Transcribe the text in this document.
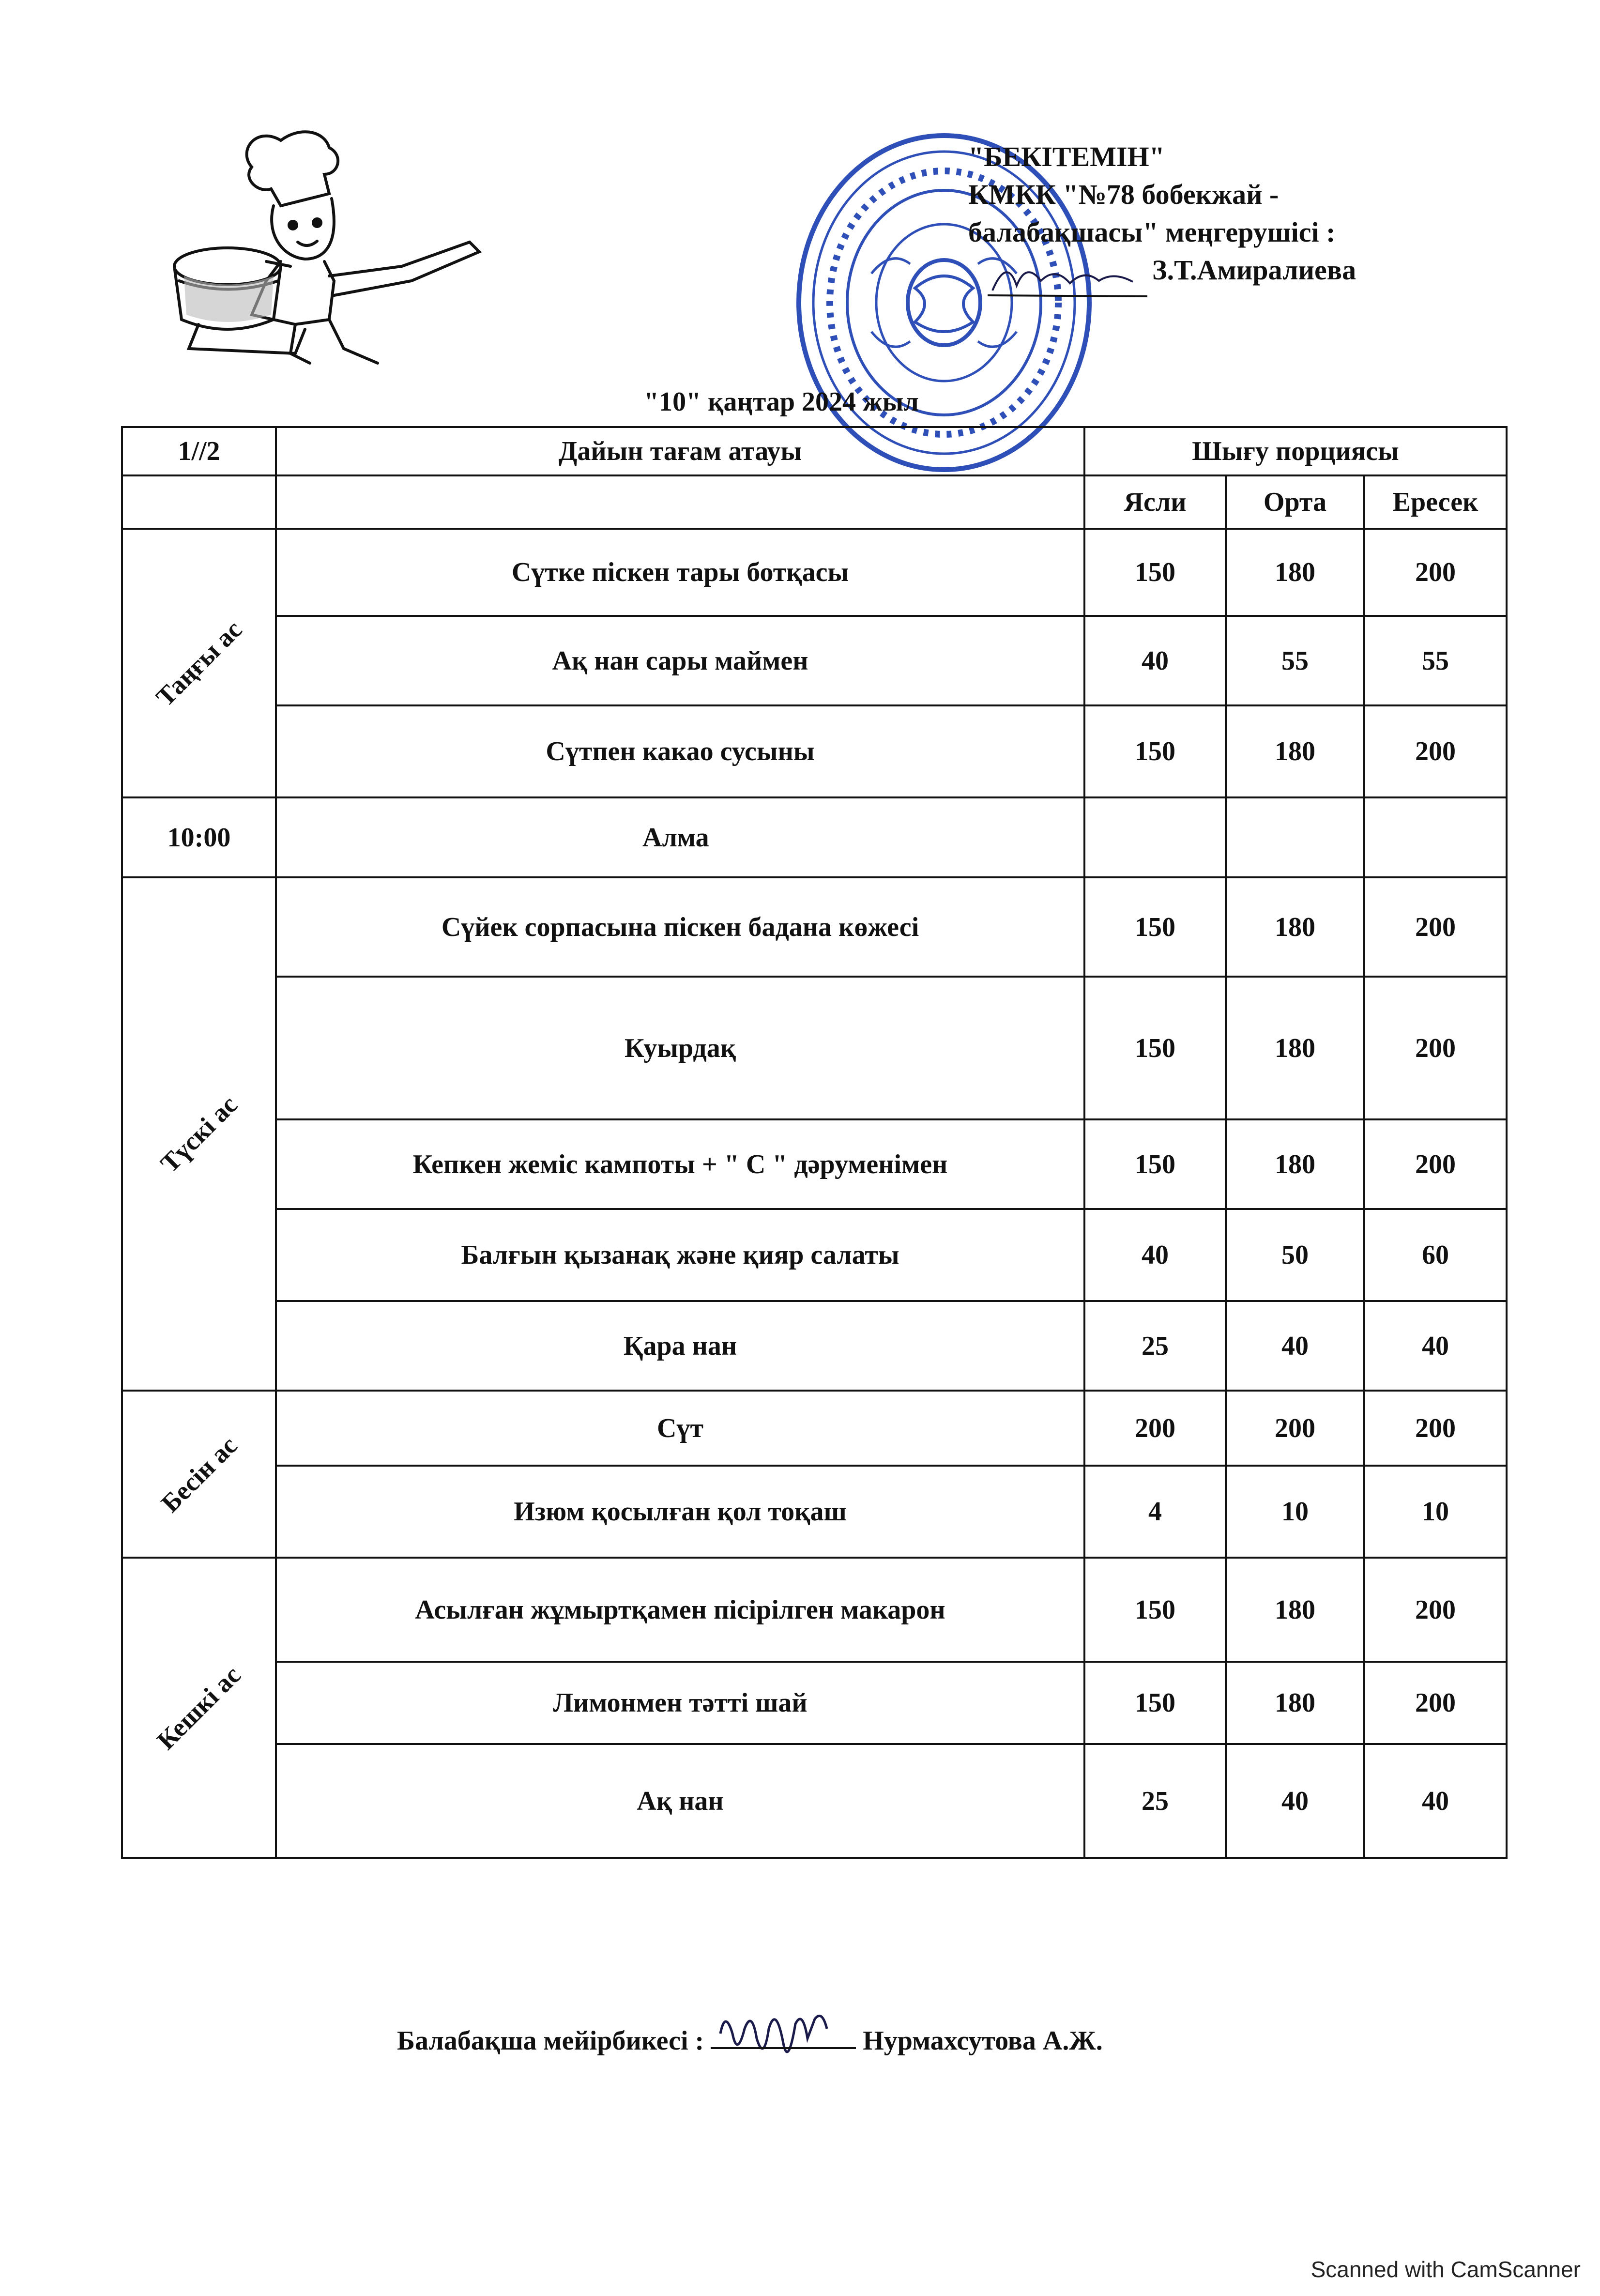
"БЕКІТЕМІН"
КМКК "№78 бобекжай -
балабақшасы" меңгерушісі :
З.Т.Амиралиева
"10" қаңтар 2024 жыл
1//2	Дайын тағам атауы	Шығу порциясы		
		Ясли	Орта	Ересек
Таңғы ас	Сүтке піскен тары ботқасы	150	180	200
	Ақ нан сары маймен	40	55	55
	Сүтпен какао сусыны	150	180	200
10:00	Алма			
Түскі ас	Сүйек сорпасына піскен бадана көжесі	150	180	200
	Куырдақ	150	180	200
	Кепкен жеміс кампоты + " С " дәруменімен	150	180	200
	Балғын қызанақ және қияр салаты	40	50	60
	Қара нан	25	40	40
Бесін ас	Сүт	200	200	200
	Изюм қосылған қол тоқаш	4	10	10
Кешкі ас	Асылған жұмыртқамен пісірілген макарон	150	180	200
	Лимонмен тәтті шай	150	180	200
	Ақ нан	25	40	40
Балабақша мейірбикесі :	Нурмахсутова А.Ж.
Scanned with CamScanner
